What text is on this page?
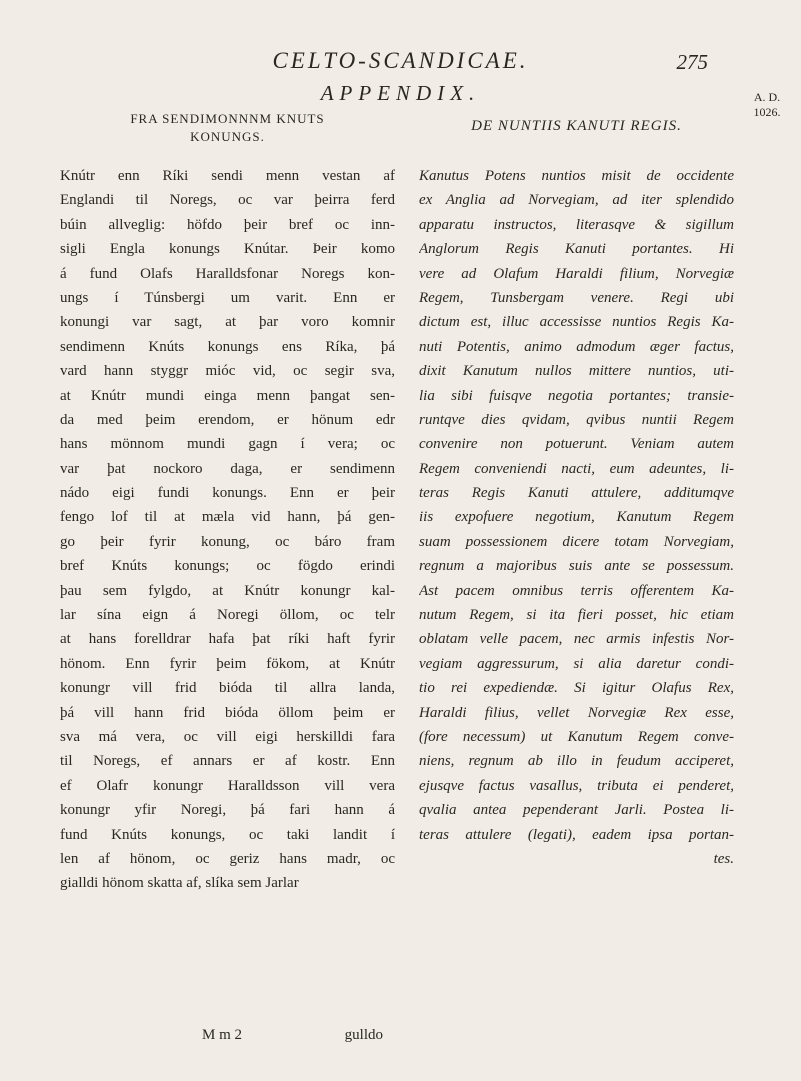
CELTO-SCANDICAE.	275
APPENDIX.	A. D.
1026.
FRA SENDIMONNNM KNUTS
KONUNGS.
Knútr enn Ríki sendi menn vestan af
Englandi til Noregs, oc var þeirra ferd
búin allveglig: höfdo þeir bref oc inn-
sigli Engla konungs Knútar. Þeir komo
á fund Olafs Haralldsfonar Noregs kon-
ungs í Túnsbergi um varit. Enn er
konungi var sagt, at þar voro komnir
sendimenn Knúts konungs ens Ríka, þá
vard hann styggr mióc vid, oc segir sva,
at Knútr mundi einga menn þangat sen-
da med þeim erendom, er hönum edr
hans mönnom mundi gagn í vera; oc
var þat nockoro daga, er sendimenn
nádo eigi fundi konungs. Enn er þeir
fengo lof til at mæla vid hann, þá gen-
go þeir fyrir konung, oc báro fram
bref Knúts konungs; oc fögdo erindi
þau sem fylgdo, at Knútr konungr kal-
lar sína eign á Noregi öllom, oc telr
at hans forelldrar hafa þat ríki haft fyrir
hönom. Enn fyrir þeim fökom, at Knútr
konungr vill frid bióda til allra landa,
þá vill hann frid bióda öllom þeim er
sva má vera, oc vill eigi herskilldi fara
til Noregs, ef annars er af kostr. Enn
ef Olafr konungr Haralldsson vill vera
konungr yfir Noregi, þá fari hann á
fund Knúts konungs, oc taki landit í
len af hönom, oc geriz hans madr, oc
gialldi hönom skatta af, slíka sem Jarlar
DE NUNTIIS KANUTI REGIS.
Kanutus Potens nuntios misit de occidente
ex Anglia ad Norvegiam, ad iter splendido
apparatu instructos, literasqve & sigillum
Anglorum Regis Kanuti portantes. Hi
vere ad Olafum Haraldi filium, Norvegiæ
Regem, Tunsbergam venere. Regi ubi
dictum est, illuc accessisse nuntios Regis Ka-
nuti Potentis, animo admodum æger factus,
dixit Kanutum nullos mittere nuntios, uti-
lia sibi fuisqve negotia portantes; transie-
runtqve dies qvidam, qvibus nuntii Regem
convenire non potuerunt. Veniam autem
Regem conveniendi nacti, eum adeuntes, li-
teras Regis Kanuti attulere, additumqve
iis expofuere negotium, Kanutum Regem
suam possessionem dicere totam Norvegiam,
regnum a majoribus suis ante se possessum.
Ast pacem omnibus terris offerentem Ka-
nutum Regem, si ita fieri posset, hic etiam
oblatam velle pacem, nec armis infestis Nor-
vegiam aggressurum, si alia daretur condi-
tio rei expediendæ. Si igitur Olafus Rex,
Haraldi filius, vellet Norvegiæ Rex esse,
(fore necessum) ut Kanutum Regem conve-
niens, regnum ab illo in feudum acciperet,
ejusqve factus vasallus, tributa ei penderet,
qvalia antea pependerant Jarli. Postea li-
teras attulere (legati), eadem ipsa portan-
tes.
M m 2	gulldo
